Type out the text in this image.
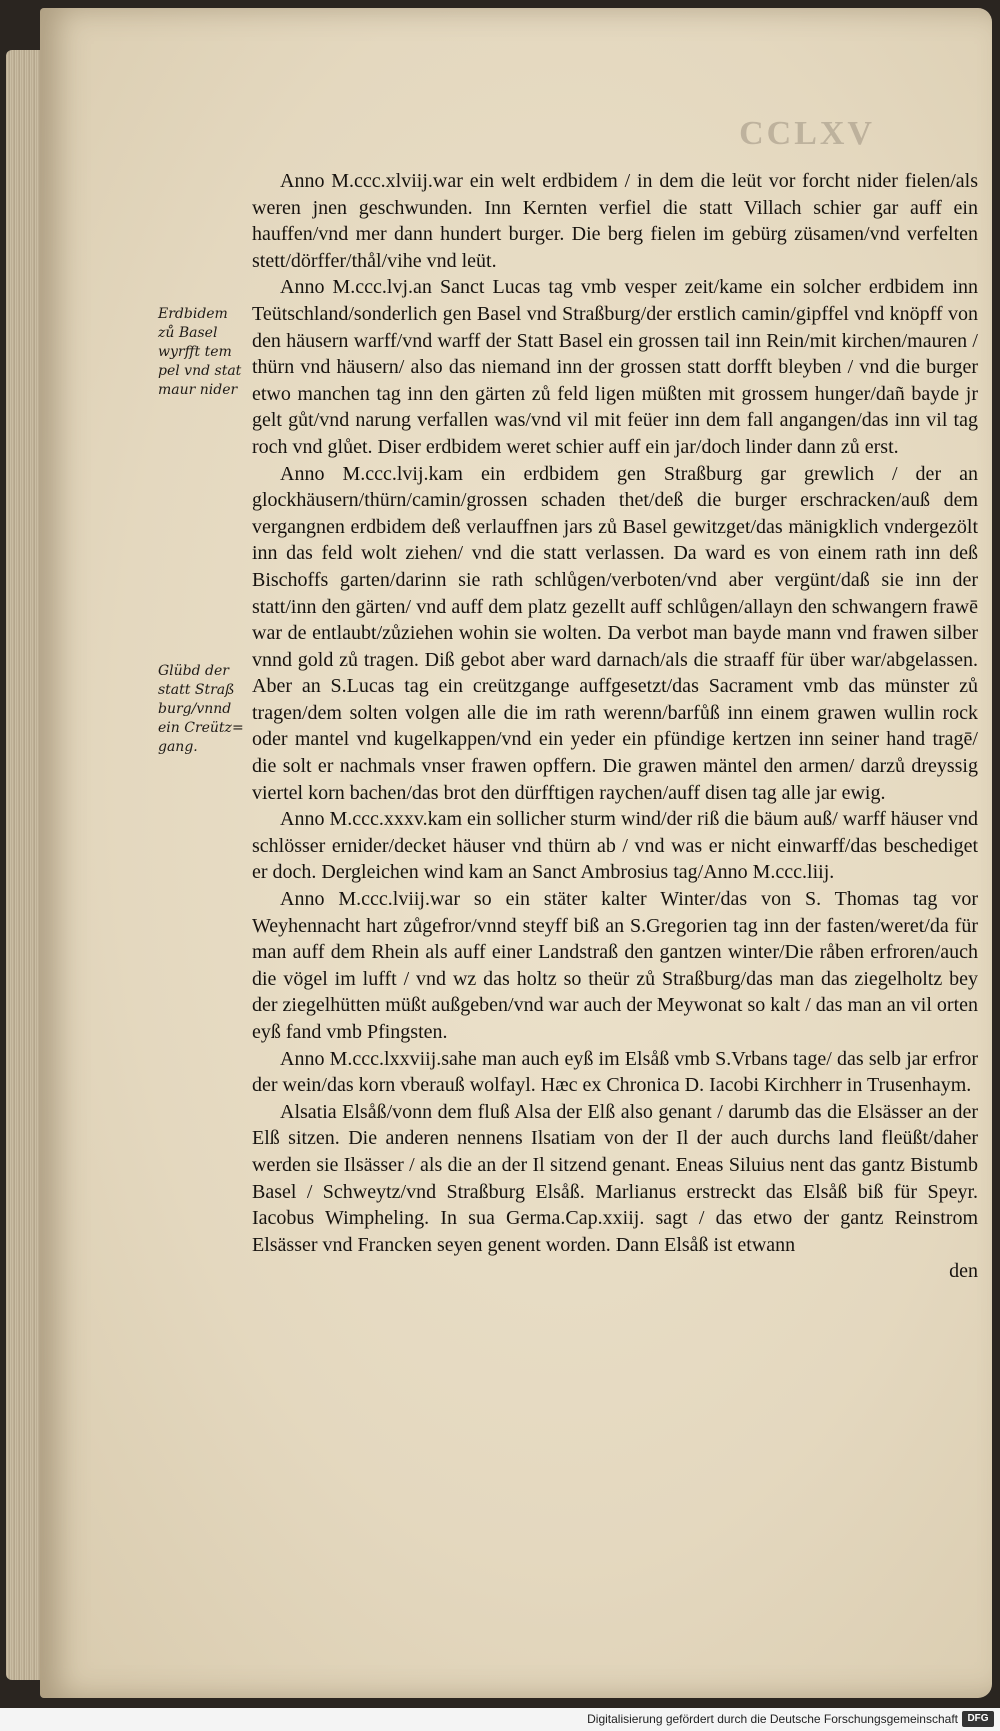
CCLXV
Erdbidem
zů Basel
wyrfft tem
pel vnd stat
maur nider
Glübd der
statt Straß
burg/vnnd
ein Creütz=
gang.

Anno M.ccc.xlviij.war ein welt erdbidem / in dem die leüt vor forcht nider fielen/als weren jnen geschwunden. Inn Kernten verfiel die statt Villach schier gar auff ein hauffen/vnd mer dann hundert burger. Die berg fielen im gebürg züsamen/vnd verfelten stett/dörffer/thål/vihe vnd leüt.

Anno M.ccc.lvj.an Sanct Lucas tag vmb vesper zeit/kame ein solcher erdbidem inn Teütschland/sonderlich gen Basel vnd Straßburg/der erstlich camin/gipffel vnd knöpff von den häusern warff/vnd warff der Statt Basel ein grossen tail inn Rein/mit kirchen/mauren / thürn vnd häusern/ also das niemand inn der grossen statt dorfft bleyben / vnd die burger etwo manchen tag inn den gärten zů feld ligen müßten mit grossem hunger/dañ bayde jr gelt gůt/vnd narung verfallen was/vnd vil mit feüer inn dem fall angangen/das inn vil tag roch vnd glůet. Diser erdbidem weret schier auff ein jar/doch linder dann zů erst.

Anno M.ccc.lvij.kam ein erdbidem gen Straßburg gar grewlich / der an glockhäusern/thürn/camin/grossen schaden thet/deß die burger erschracken/auß dem vergangnen erdbidem deß verlauffnen jars zů Basel gewitzget/das mänigklich vndergezölt inn das feld wolt ziehen/ vnd die statt verlassen. Da ward es von einem rath inn deß Bischoffs garten/darinn sie rath schlůgen/verboten/vnd aber vergünt/daß sie inn der statt/inn den gärten/ vnd auff dem platz gezellt auff schlůgen/allayn den schwangern frawē war de entlaubt/zůziehen wohin sie wolten. Da verbot man bayde mann vnd frawen silber vnnd gold zů tragen. Diß gebot aber ward darnach/als die straaff für über war/abgelassen. Aber an S.Lucas tag ein creützgange auffgesetzt/das Sacrament vmb das münster zů tragen/dem solten volgen alle die im rath werenn/barfůß inn einem grawen wullin rock oder mantel vnd kugelkappen/vnd ein yeder ein pfündige kertzen inn seiner hand tragē/ die solt er nachmals vnser frawen opffern. Die grawen mäntel den armen/ darzů dreyssig viertel korn bachen/das brot den dürfftigen raychen/auff disen tag alle jar ewig.

Anno M.ccc.xxxv.kam ein sollicher sturm wind/der riß die bäum auß/ warff häuser vnd schlösser ernider/decket häuser vnd thürn ab / vnd was er nicht einwarff/das beschediget er doch. Dergleichen wind kam an Sanct Ambrosius tag/Anno M.ccc.liij.

Anno M.ccc.lviij.war so ein stäter kalter Winter/das von S. Thomas tag vor Weyhennacht hart zůgefror/vnnd steyff biß an S.Gregorien tag inn der fasten/weret/da für man auff dem Rhein als auff einer Landstraß den gantzen winter/Die råben erfroren/auch die vögel im lufft / vnd wz das holtz so theür zů Straßburg/das man das ziegelholtz bey der ziegelhütten müßt außgeben/vnd war auch der Meywonat so kalt / das man an vil orten eyß fand vmb Pfingsten.

Anno M.ccc.lxxviij.sahe man auch eyß im Elsåß vmb S.Vrbans tage/ das selb jar erfror der wein/das korn vberauß wolfayl. Hæc ex Chronica D. Iacobi Kirchherr in Trusenhaym.

Alsatia Elsåß/vonn dem fluß Alsa der Elß also genant / darumb das die Elsässer an der Elß sitzen. Die anderen nennens Ilsatiam von der Il der auch durchs land fleüßt/daher werden sie Ilsässer / als die an der Il sitzend genant. Eneas Siluius nent das gantz Bistumb Basel / Schweytz/vnd Straßburg Elsåß. Marlianus erstreckt das Elsåß biß für Speyr. Iacobus Wimpheling. In sua Germa.Cap.xxiij. sagt / das etwo der gantz Reinstrom Elsässer vnd Francken seyen genent worden. Dann Elsåß ist etwann

den
Digitalisierung gefördert durch die Deutsche Forschungsgemeinschaft DFG
